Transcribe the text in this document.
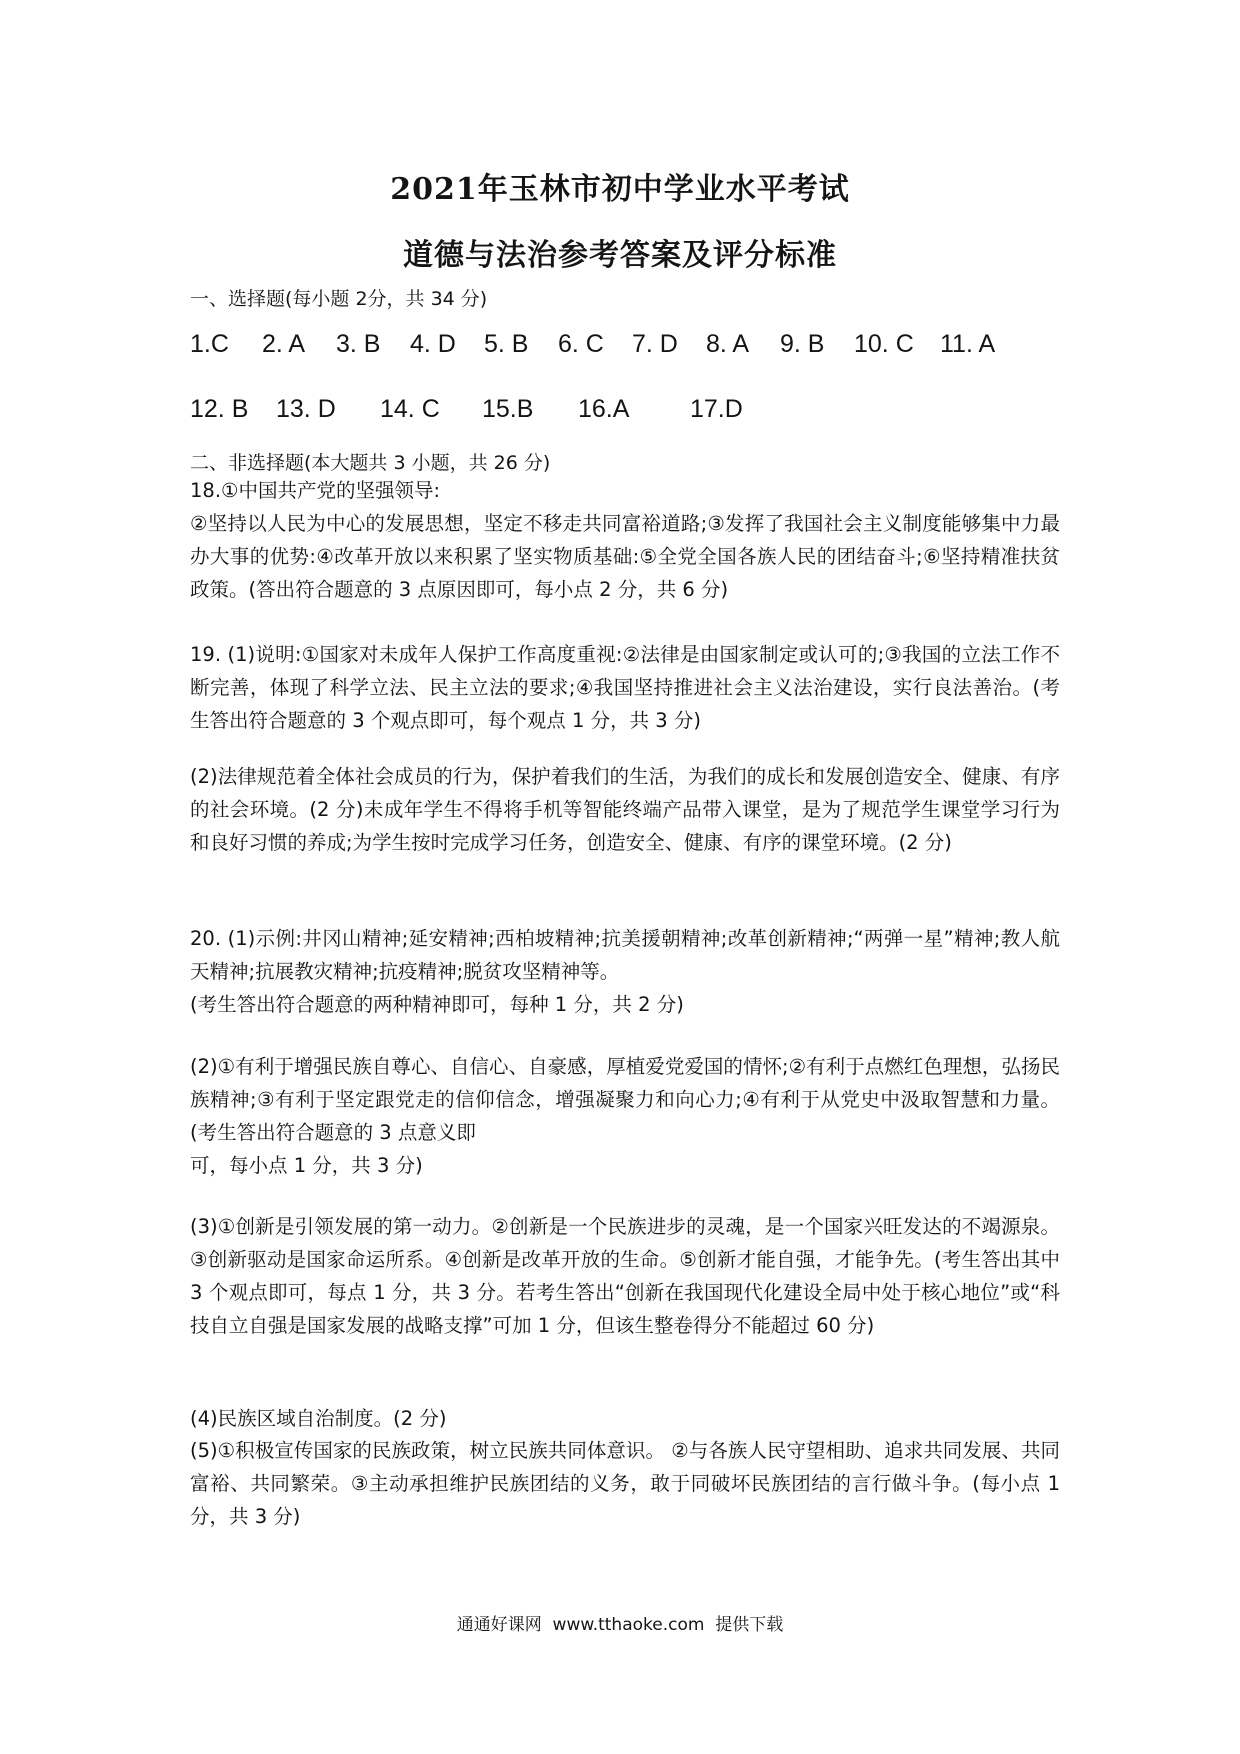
2021年玉林市初中学业水平考试
道德与法治参考答案及评分标准
一、选择题(每小题 2分，共 34 分)
1.C 2. A 3. B 4. D 5. B 6. C 7. D 8. A 9. B 10. C 11. A
12. B 13. D 14. C 15.B 16.A 17.D
二、非选择题(本大题共 3 小题，共 26 分)

18.①中国共产党的坚强领导:

②坚持以人民为中心的发展思想，坚定不移走共同富裕道路;③发挥了我国社会主义制度能够集中力最办大事的优势:④改革开放以来积累了坚实物质基础:⑤全党全国各族人民的团结奋斗;⑥坚持精准扶贫政策。(答出符合题意的 3 点原因即可，每小点 2 分，共 6 分)

19. (1)说明:①国家对未成年人保护工作高度重视:②法律是由国家制定或认可的;③我国的立法工作不断完善，体现了科学立法、民主立法的要求;④我国坚持推进社会主义法治建设，实行良法善治。(考生答出符合题意的 3 个观点即可，每个观点 1 分，共 3 分)

(2)法律规范着全体社会成员的行为，保护着我们的生活，为我们的成长和发展创造安全、健康、有序的社会环境。(2 分)未成年学生不得将手机等智能终端产品带入课堂，是为了规范学生课堂学习行为和良好习惯的养成;为学生按时完成学习任务，创造安全、健康、有序的课堂环境。(2 分)

20. (1)示例:井冈山精神;延安精神;西柏坡精神;抗美援朝精神;改革创新精神;“两弹一星”精神;教人航天精神;抗展教灾精神;抗疫精神;脱贫攻坚精神等。

(考生答出符合题意的两种精神即可，每种 1 分，共 2 分)

(2)①有利于增强民族自尊心、自信心、自豪感，厚植爱党爱国的情怀;②有利于点燃红色理想，弘扬民族精神;③有利于坚定跟党走的信仰信念，增强凝聚力和向心力;④有利于从党史中汲取智慧和力量。(考生答出符合题意的 3 点意义即

可，每小点 1 分，共 3 分)

(3)①创新是引领发展的第一动力。②创新是一个民族进步的灵魂，是一个国家兴旺发达的不竭源泉。③创新驱动是国家命运所系。④创新是改革开放的生命。⑤创新才能自强，才能争先。(考生答出其中 3 个观点即可，每点 1 分，共 3 分。若考生答出“创新在我国现代化建设全局中处于核心地位”或“科技自立自强是国家发展的战略支撑”可加 1 分，但该生整卷得分不能超过 60 分)

(4)民族区域自治制度。(2 分)

(5)①积极宣传国家的民族政策，树立民族共同体意识。 ②与各族人民守望相助、追求共同发展、共同富裕、共同繁荣。③主动承担维护民族团结的义务，敢于同破坏民族团结的言行做斗争。(每小点 1 分，共 3 分)

通通好课网  www.tthaoke.com  提供下载
